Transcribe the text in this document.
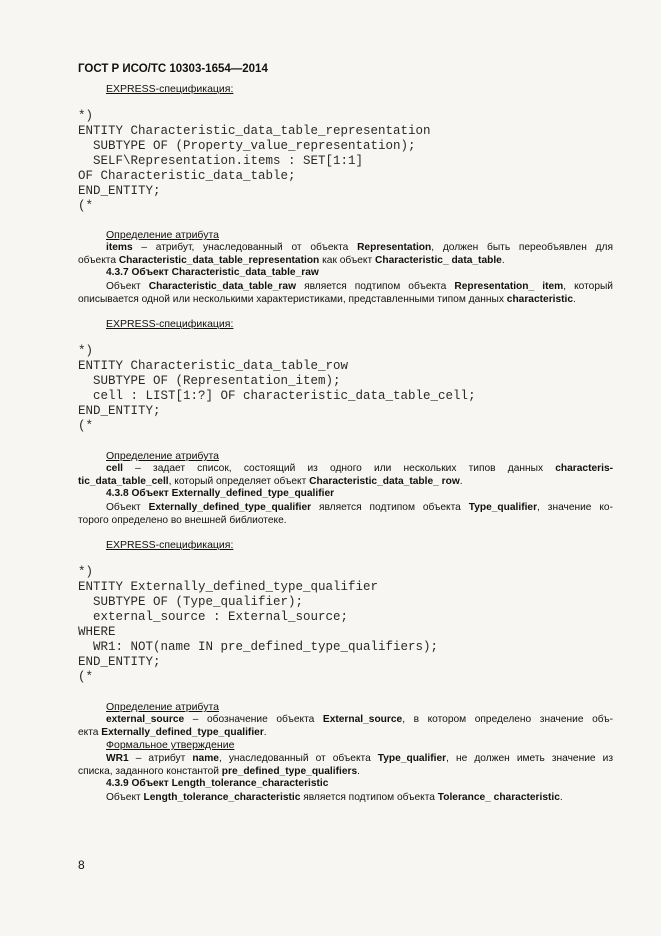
ГОСТ Р ИСО/ТС 10303-1654—2014
EXPRESS-спецификация:
*)
ENTITY Characteristic_data_table_representation
SUBTYPE OF (Property_value_representation);
SELF\Representation.items : SET[1:1]
OF Characteristic_data_table;
END_ENTITY;
(*
Определение атрибута
items – атрибут, унаследованный от объекта Representation, должен быть переобъявлен для
объекта Characteristic_data_table_representation как объект Characteristic_ data_table.
4.3.7 Объект Characteristic_data_table_raw
Объект Characteristic_data_table_raw является подтипом объекта Representation_ item, который
описывается одной или несколькими характеристиками, представленными типом данных characteristic.
EXPRESS-спецификация:
*)
ENTITY Characteristic_data_table_row
SUBTYPE OF (Representation_item);
cell : LIST[1:?] OF characteristic_data_table_cell;
END_ENTITY;
(*
Определение атрибута
cell – задает список, состоящий из одного или нескольких типов данных characteris-
tic_data_table_cell, который определяет объект Characteristic_data_table_ row.
4.3.8 Объект Externally_defined_type_qualifier
Объект Externally_defined_type_qualifier является подтипом объекта Type_qualifier, значение ко-
торого определено во внешней библиотеке.
EXPRESS-спецификация:
*)
ENTITY Externally_defined_type_qualifier
SUBTYPE OF (Type_qualifier);
external_source : External_source;
WHERE
WR1: NOT(name IN pre_defined_type_qualifiers);
END_ENTITY;
(*
Определение атрибута
external_source – обозначение объекта External_source, в котором определено значение объ-
екта Externally_defined_type_qualifier.
Формальное утверждение
WR1 – атрибут name, унаследованный от объекта Type_qualifier, не должен иметь значение из
списка, заданного константой pre_defined_type_qualifiers.
4.3.9 Объект Length_tolerance_characteristic
Объект Length_tolerance_characteristic является подтипом объекта Tolerance_ characteristic.
8
